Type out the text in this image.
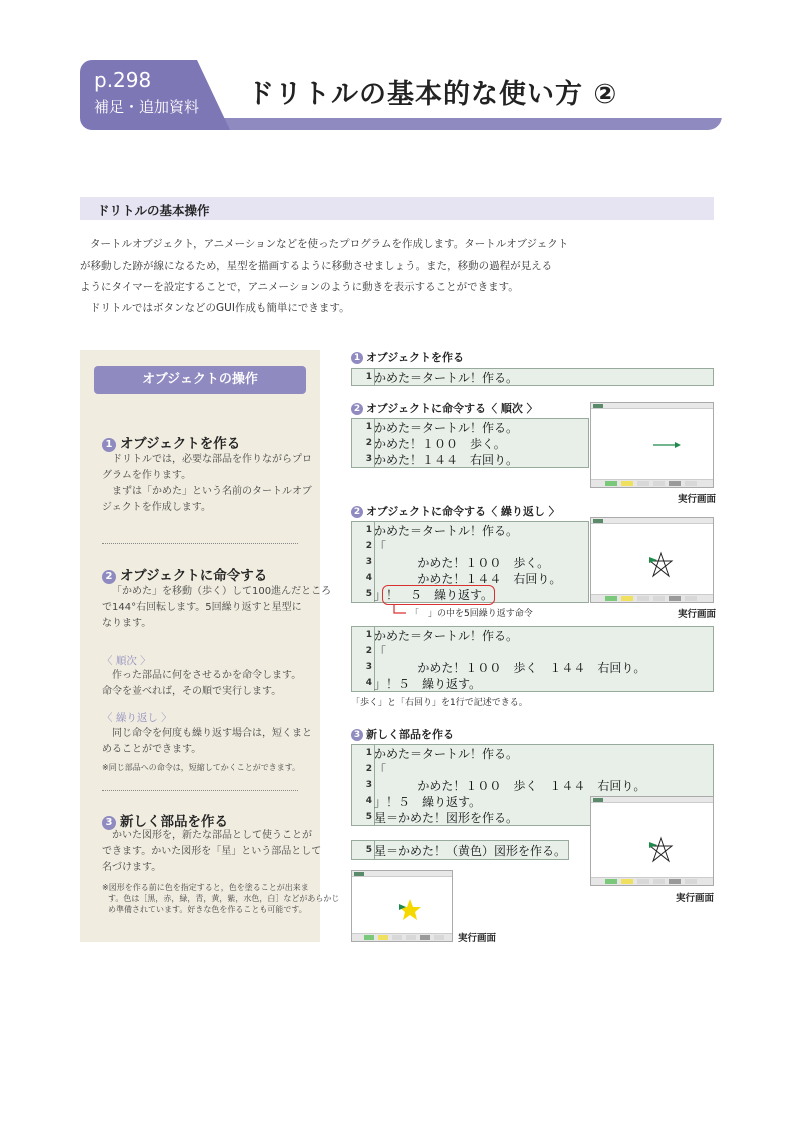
p.298
補足・追加資料 ドリトルの基本的な使い方 ②
ドリトルの基本操作
タートルオブジェクト，アニメーションなどを使ったプログラムを作成します。タートルオブジェクト
が移動した跡が線になるため，星型を描画するように移動させましょう。また，移動の過程が見える
ようにタイマーを設定することで，アニメーションのように動きを表示することができます。
ドリトルではボタンなどのGUI作成も簡単にできます。
オブジェクトの操作
1 オブジェクトを作る
ドリトルでは，必要な部品を作りながらプロ
グラムを作ります。
まずは「かめた」という名前のタートルオブ
ジェクトを作成します。
2 オブジェクトに命令する
「かめた」を移動（歩く）して100進んだところ
で144°右回転します。5回繰り返すと星型に
なります。
〈 順次 〉
作った部品に何をさせるかを命令します。
命令を並べれば，その順で実行します。
〈 繰り返し 〉
同じ命令を何度も繰り返す場合は，短くまと
めることができます。
※同じ部品への命令は，短縮してかくことができます。
3 新しく部品を作る
かいた図形を，新たな部品として使うことが
できます。かいた図形を「星」という部品として
名づけます。
※図形を作る前に色を指定すると，色を塗ることが出来ま
す。色は［黒，赤，緑，青，黄，紫，水色，白］などがあらかじ
め準備されています。好きな色を作ることも可能です。
1 オブジェクトを作る
1 かめた＝タートル！作る。
2 オブジェクトに命令する〈 順次 〉
1 かめた＝タートル！作る。
2 かめた！１００　歩く。
3 かめた！１４４　右回り。
実行画面
2 オブジェクトに命令する〈 繰り返し 〉
1 かめた＝タートル！作る。
2 「
3 かめた！１００　歩く。
4 かめた！１４４　右回り。
5 」！　５　繰り返す。
「　」の中を5回繰り返す命令	実行画面
1 かめた＝タートル！作る。
2 「
3 かめた！１００　歩く　１４４　右回り。
4 」！５　繰り返す。
「歩く」と「右回り」を1行で記述できる。
3 新しく部品を作る
1 かめた＝タートル！作る。
2 「
3 かめた！１００　歩く　１４４　右回り。
4 」！５　繰り返す。
5 星＝かめた！図形を作る。
実行画面
5 星＝かめた！（黄色）図形を作る。
実行画面
